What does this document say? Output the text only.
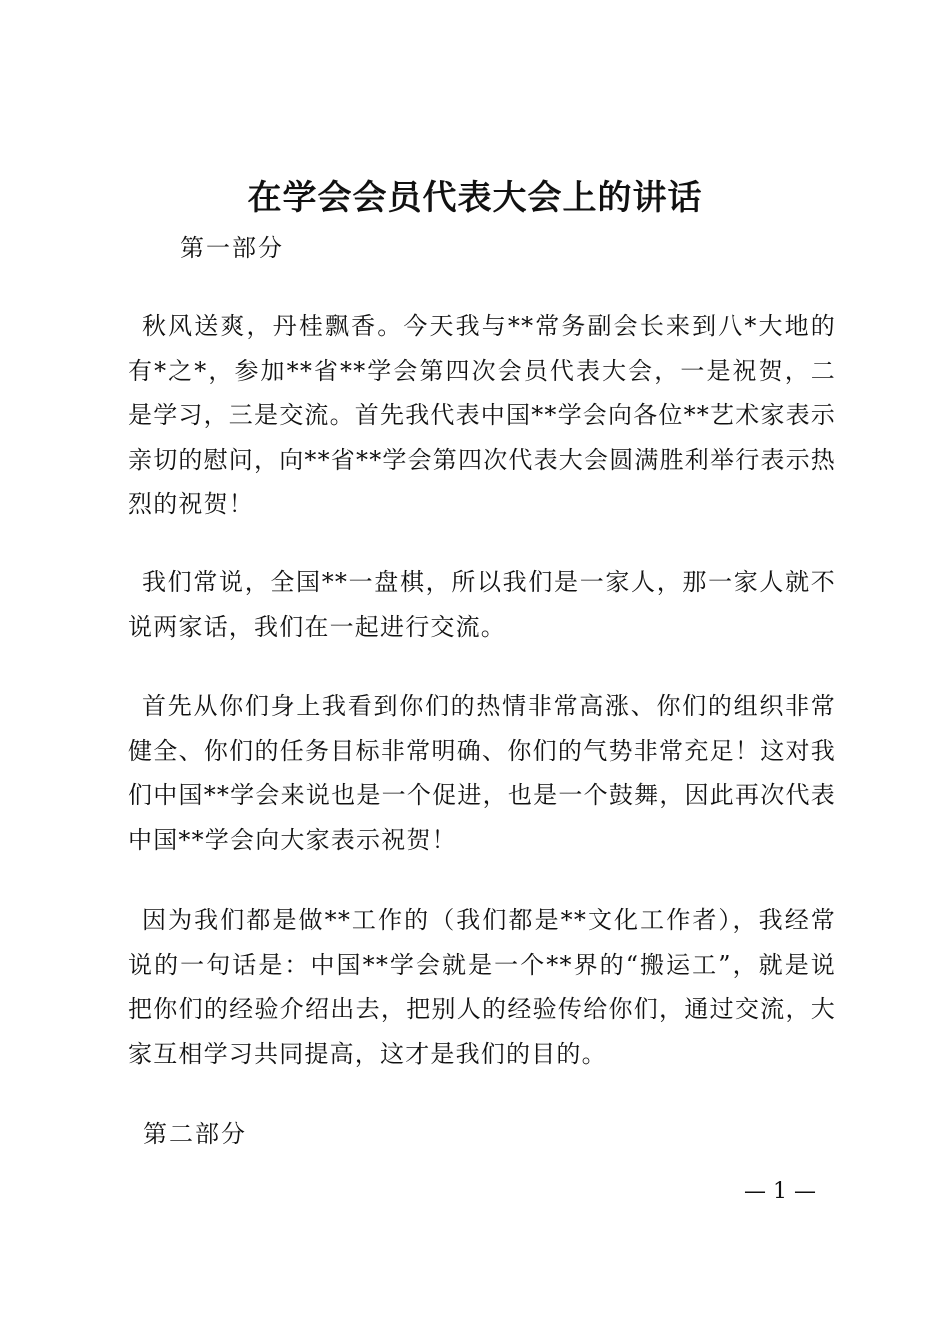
在学会会员代表大会上的讲话

第一部分

秋风送爽，丹桂飘香。今天我与**常务副会长来到八*大地的有*之*，参加**省**学会第四次会员代表大会，一是祝贺，二是学习，三是交流。首先我代表中国**学会向各位**艺术家表示亲切的慰问，向**省**学会第四次代表大会圆满胜利举行表示热烈的祝贺！

我们常说，全国**一盘棋，所以我们是一家人，那一家人就不说两家话，我们在一起进行交流。

首先从你们身上我看到你们的热情非常高涨、你们的组织非常健全、你们的任务目标非常明确、你们的气势非常充足！这对我们中国**学会来说也是一个促进，也是一个鼓舞，因此再次代表中国**学会向大家表示祝贺！

因为我们都是做**工作的（我们都是**文化工作者），我经常说的一句话是：中国**学会就是一个**界的“搬运工”，就是说把你们的经验介绍出去，把别人的经验传给你们，通过交流，大家互相学习共同提高，这才是我们的目的。

第二部分

— 1 —
